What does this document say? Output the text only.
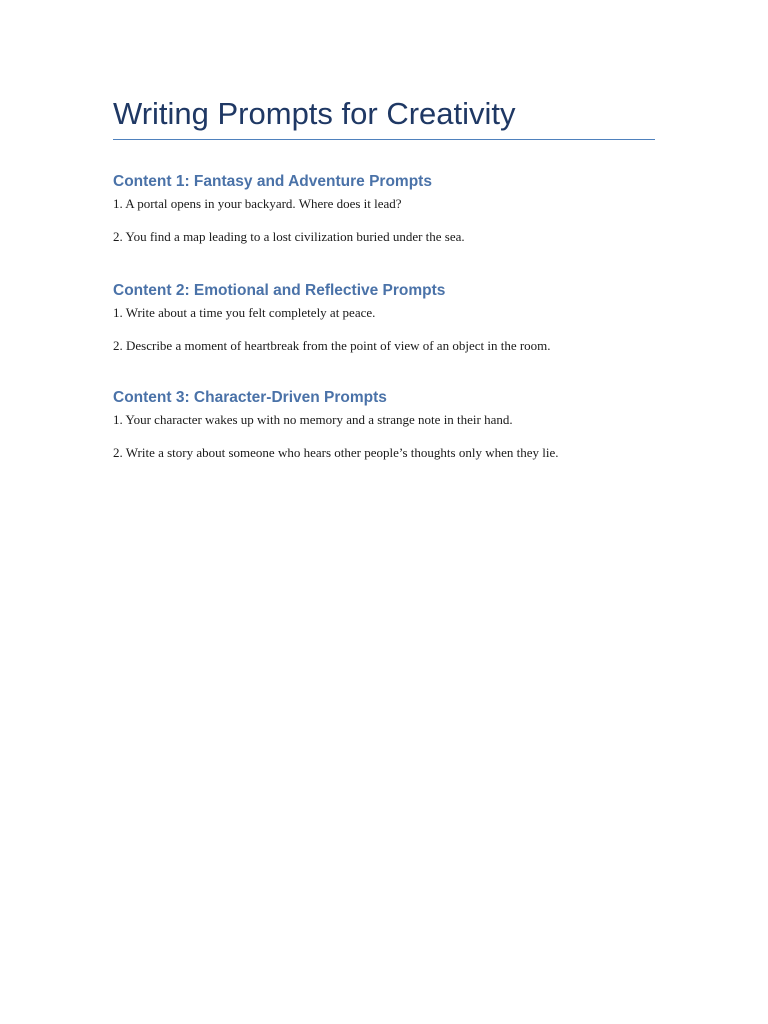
Writing Prompts for Creativity
Content 1: Fantasy and Adventure Prompts

1. A portal opens in your backyard. Where does it lead?

2. You find a map leading to a lost civilization buried under the sea.

Content 2: Emotional and Reflective Prompts

1. Write about a time you felt completely at peace.

2. Describe a moment of heartbreak from the point of view of an object in the room.

Content 3: Character-Driven Prompts

1. Your character wakes up with no memory and a strange note in their hand.

2. Write a story about someone who hears other people’s thoughts only when they lie.
